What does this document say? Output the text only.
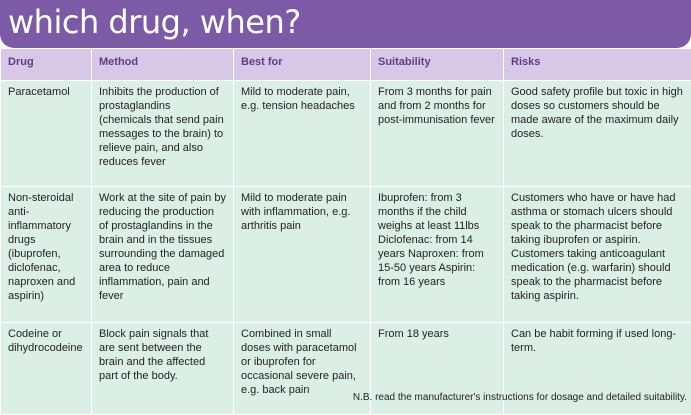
which drug, when?
Drug	Method	Best for	Suitability	Risks
Paracetamol	Inhibits the production of prostaglandins (chemicals that send pain messages to the brain) to relieve pain, and also reduces fever	Mild to moderate pain, e.g. tension headaches	From 3 months for pain and from 2 months for post-immunisation fever	Good safety profile but toxic in high doses so customers should be made aware of the maximum daily doses.
Non-steroidal anti-inflammatory drugs (ibuprofen, diclofenac, naproxen and aspirin)	Work at the site of pain by reducing the production of prostaglandins in the brain and in the tissues surrounding the damaged area to reduce inflammation, pain and fever	Mild to moderate pain with inflammation, e.g. arthritis pain	Ibuprofen: from 3 months if the child weighs at least 11lbs Diclofenac: from 14 years Naproxen: from 15-50 years Aspirin: from 16 years	Customers who have or have had asthma or stomach ulcers should speak to the pharmacist before taking ibuprofen or aspirin. Customers taking anticoagulant medication (e.g. warfarin) should speak to the pharmacist before taking aspirin.
Codeine or dihydrocodeine	Block pain signals that are sent between the brain and the affected part of the body.	Combined in small doses with paracetamol or ibuprofen for occasional severe pain, e.g. back pain	From 18 years	Can be habit forming if used long-term.
N.B. read the manufacturer's instructions for dosage and detailed suitability.
